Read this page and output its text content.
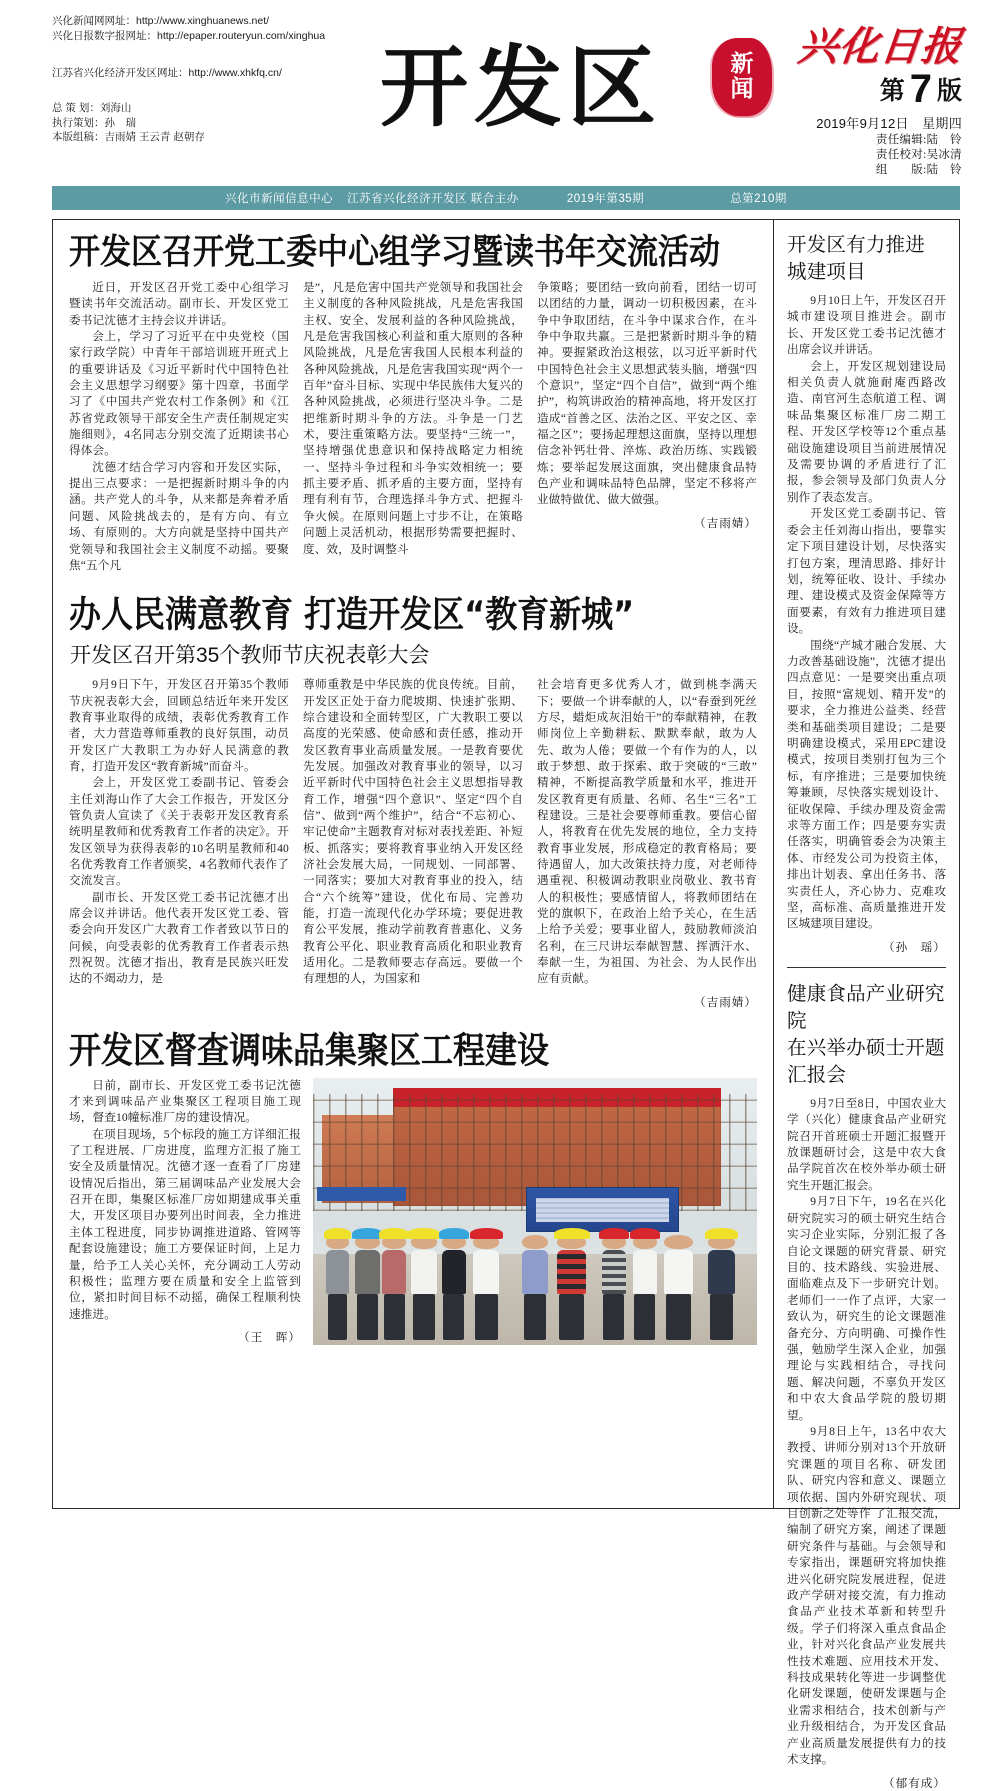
兴化新闻网网址：http://www.xinghuanews.net/
兴化日报数字报网址：http://epaper.routeryun.com/xinghua
江苏省兴化经济开发区网址：http://www.xhkfq.cn/
总 策 划：刘海山
执行策划：孙　瑞
本版组稿：吉雨婧 王云青 赵朝存	开发区	新
闻
兴化日报
第 7 版
2019年9月12日　星期四
责任编辑:陆　铃
责任校对:吴冰清
组　　版:陆　铃
兴化市新闻信息中心 江苏省兴化经济开发区 联合主办	2019年第35期	总第210期
开发区召开党工委中心组学习暨读书年交流活动

近日，开发区召开党工委中心组学习暨读书年交流活动。副市长、开发区党工委书记沈德才主持会议并讲话。

会上，学习了习近平在中央党校（国家行政学院）中青年干部培训班开班式上的重要讲话及《习近平新时代中国特色社会主义思想学习纲要》第十四章，书面学习了《中国共产党农村工作条例》和《江苏省党政领导干部安全生产责任制规定实施细则》，4名同志分别交流了近期读书心得体会。

沈德才结合学习内容和开发区实际，提出三点要求：一是把握新时期斗争的内涵。共产党人的斗争，从来都是奔着矛盾问题、风险挑战去的，是有方向、有立场、有原则的。大方向就是坚持中国共产党领导和我国社会主义制度不动摇。要聚焦“五个凡

是”，凡是危害中国共产党领导和我国社会主义制度的各种风险挑战，凡是危害我国主权、安全、发展利益的各种风险挑战，凡是危害我国核心利益和重大原则的各种风险挑战，凡是危害我国人民根本利益的各种风险挑战，凡是危害我国实现“两个一百年”奋斗目标、实现中华民族伟大复兴的各种风险挑战，必须进行坚决斗争。二是把维新时期斗争的方法。斗争是一门艺术，要注重策略方法。要坚持“三统一”，坚持增强优患意识和保持战略定力相统一、坚持斗争过程和斗争实效相统一；要抓主要矛盾、抓矛盾的主要方面，坚持有理有利有节，合理选择斗争方式、把握斗争火候。在原则问题上寸步不让，在策略问题上灵活机动，根据形势需要把握时、度、效，及时调整斗

争策略；要团结一致向前看，团结一切可以团结的力量，调动一切积极因素，在斗争中争取团结，在斗争中谋求合作，在斗争中争取共赢。三是把紧新时期斗争的精神。要握紧政治这根弦，以习近平新时代中国特色社会主义思想武装头脑，增强“四个意识”，坚定“四个自信”，做到“两个维护”，构筑讲政治的精神高地，将开发区打造成“首善之区、法治之区、平安之区、幸福之区”；要扬起理想这面旗，坚持以理想信念补钙壮骨、淬炼、政治历练、实践锻炼；要举起发展这面旗，突出健康食品特色产业和调味品特色品牌，坚定不移将产业做特做优、做大做强。

（吉雨婧）
办人民满意教育 打造开发区“教育新城”
开发区召开第35个教师节庆祝表彰大会

9月9日下午，开发区召开第35个教师节庆祝表彰大会，回顾总结近年来开发区教育事业取得的成绩，表彰优秀教育工作者，大力营造尊师重教的良好氛围，动员开发区广大教职工为办好人民满意的教育，打造开发区“教育新城”而奋斗。

会上，开发区党工委副书记、管委会主任刘海山作了大会工作报告，开发区分管负责人宣读了《关于表彰开发区教育系统明星教师和优秀教育工作者的决定》。开发区领导为获得表彰的10名明星教师和40名优秀教育工作者颁奖，4名教师代表作了交流发言。

副市长、开发区党工委书记沈德才出席会议并讲话。他代表开发区党工委、管委会向开发区广大教育工作者致以节日的问候，向受表彰的优秀教育工作者表示热烈祝贺。沈德才指出，教育是民族兴旺发达的不竭动力，是

尊师重教是中华民族的优良传统。目前，开发区正处于奋力爬坡期、快速扩张期、综合建设和全面转型区，广大教职工要以高度的光荣感、使命感和责任感，推动开发区教育事业高质量发展。一是教育要优先发展。加强改对教育事业的领导，以习近平新时代中国特色社会主义思想指导教育工作，增强“四个意识”、坚定“四个自信”、做到“两个维护”，结合“不忘初心、牢记使命”主题教育对标对表找差距、补短板、抓落实；要将教育事业纳入开发区经济社会发展大局，一同规划、一同部署、一同落实；要加大对教育事业的投入，结合“六个统筹”建设，优化布局、完善功能，打造一流现代化办学环境；要促进教育公平发展，推动学前教育普惠化、义务教育公平化、职业教育高质化和职业教育适用化。二是教师要志存高远。要做一个有理想的人，为国家和

社会培育更多优秀人才，做到桃李满天下；要做一个讲奉献的人，以“春蚕到死丝方尽，蜡炬成灰泪始干”的奉献精神，在教师岗位上辛勤耕耘、默默奉献，敢为人先、敢为人倦；要做一个有作为的人，以敢于梦想、敢于探索、敢于突破的“三敢”精神，不断提高教学质量和水平，推进开发区教育更有质量、名师、名生“三名”工程建设。三是社会要尊师重教。要信心留人，将教育在优先发展的地位，全力支持教育事业发展，形成稳定的教育格局；要待遇留人，加大改策扶持力度，对老师待遇重视、积极调动教职业岗敬业、教书育人的积极性；要感情留人，将教师团结在党的旗帜下，在政治上给予关心，在生活上给予关爱；要事业留人，鼓励教师淡泊名利，在三尺讲坛奉献智慧、挥洒汗水、奉献一生，为祖国、为社会、为人民作出应有贡献。

（吉雨婧）
开发区督查调味品集聚区工程建设

日前，副市长、开发区党工委书记沈德才来到调味品产业集聚区工程项目施工现场，督查10幢标准厂房的建设情况。

在项目现场，5个标段的施工方详细汇报了工程进展、厂房进度，监理方汇报了施工安全及质量情况。沈德才逐一查看了厂房建设情况后指出，第三届调味品产业发展大会召开在即，集聚区标准厂房如期建成事关重大，开发区项目办要列出时间表，全力推进主体工程进度，同步协调推进道路、管网等配套设施建设；施工方要保证时间，上足力量，给予工人关心关怀，充分调动工人劳动积极性；监理方要在质量和安全上监管到位，紧扣时间目标不动摇，确保工程顺利快速推进。

（王　晖）
开发区有力推进
城建项目

9月10日上午，开发区召开城市建设项目推进会。副市长、开发区党工委书记沈德才出席会议并讲话。

会上，开发区规划建设局相关负责人就施耐庵西路改造、南官河生态航道工程、调味品集聚区标准厂房二期工程、开发区学校等12个重点基础设施建设项目当前进展情况及需要协调的矛盾进行了汇报，参会领导及部门负责人分别作了表态发言。

开发区党工委副书记、管委会主任刘海山指出，要靠实定下项目建设计划，尽快落实打包方案，理清思路、排好计划，统筹征收、设计、手续办理、建设模式及资金保障等方面要素，有效有力推进项目建设。

围绕“产城才融合发展、大力改善基础设施”，沈德才提出四点意见：一是要突出重点项目，按照“富规划、精开发”的要求，全力推进公益类、经营类和基础类项目建设；二是要明确建设模式，采用EPC建设模式，按项目类别打包为三个标，有序推进；三是要加快统筹兼顾，尽快落实规划设计、征收保障、手续办理及资金需求等方面工作；四是要夯实责任落实，明确管委会为决策主体、市经发公司为投资主体，排出计划表、拿出任务书、落实责任人，齐心协力、克难攻坚，高标准、高质量推进开发区城建项目建设。

（孙　瑶）
健康食品产业研究院
在兴举办硕士开题汇报会

9月7日至8日，中国农业大学（兴化）健康食品产业研究院召开首班硕士开题汇报暨开放课题研讨会，这是中农大食品学院首次在校外举办硕士研究生开题汇报会。

9月7日下午，19名在兴化研究院实习的硕士研究生结合实习企业实际，分别汇报了各自论文课题的研究背景、研究目的、技术路线、实验进展、面临难点及下一步研究计划。老师们一一作了点评，大家一致认为，研究生的论文课题准备充分、方向明确、可操作性强，勉励学生深入企业，加强理论与实践相结合，寻找问题、解决问题，不辜负开发区和中农大食品学院的殷切期望。

9月8日上午，13名中农大教授、讲师分别对13个开放研究课题的项目名称、研发团队、研究内容和意义、课题立项依据、国内外研究现状、项目创新之处等作 了汇报交流，编制了研究方案，阐述了课题研究条件与基础。与会领导和专家指出，课题研究将加快推进兴化研究院发展进程，促进政产学研对接交流，有力推动食品产业技术革新和转型升级。学子们将深入重点食品企业，针对兴化食品产业发展共性技术难题、应用技术开发、科技成果转化等进一步调整优化研发课题，使研发课题与企业需求相结合，技术创新与产业升级相结合，为开发区食品产业高质量发展提供有力的技术支撑。

（郁有成）
